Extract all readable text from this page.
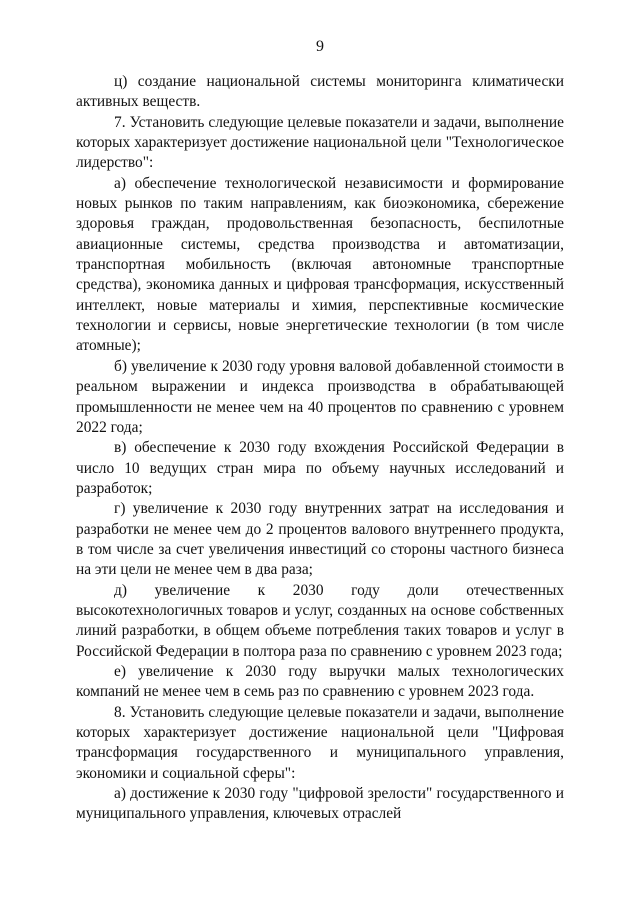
9

ц) создание национальной системы мониторинга климатически активных веществ.

7. Установить следующие целевые показатели и задачи, выполнение которых характеризует достижение национальной цели "Технологическое лидерство":

а) обеспечение технологической независимости и формирование новых рынков по таким направлениям, как биоэкономика, сбережение здоровья граждан, продовольственная безопасность, беспилотные авиационные системы, средства производства и автоматизации, транспортная мобильность (включая автономные транспортные средства), экономика данных и цифровая трансформация, искусственный интеллект, новые материалы и химия, перспективные космические технологии и сервисы, новые энергетические технологии (в том числе атомные);

б) увеличение к 2030 году уровня валовой добавленной стоимости в реальном выражении и индекса производства в обрабатывающей промышленности не менее чем на 40 процентов по сравнению с уровнем 2022 года;

в) обеспечение к 2030 году вхождения Российской Федерации в число 10 ведущих стран мира по объему научных исследований и разработок;

г) увеличение к 2030 году внутренних затрат на исследования и разработки не менее чем до 2 процентов валового внутреннего продукта, в том числе за счет увеличения инвестиций со стороны частного бизнеса на эти цели не менее чем в два раза;

д) увеличение к 2030 году доли отечественных высокотехнологичных товаров и услуг, созданных на основе собственных линий разработки, в общем объеме потребления таких товаров и услуг в Российской Федерации в полтора раза по сравнению с уровнем 2023 года;

е) увеличение к 2030 году выручки малых технологических компаний не менее чем в семь раз по сравнению с уровнем 2023 года.

8. Установить следующие целевые показатели и задачи, выполнение которых характеризует достижение национальной цели "Цифровая трансформация государственного и муниципального управления, экономики и социальной сферы":

а) достижение к 2030 году "цифровой зрелости" государственного и муниципального управления, ключевых отраслей
